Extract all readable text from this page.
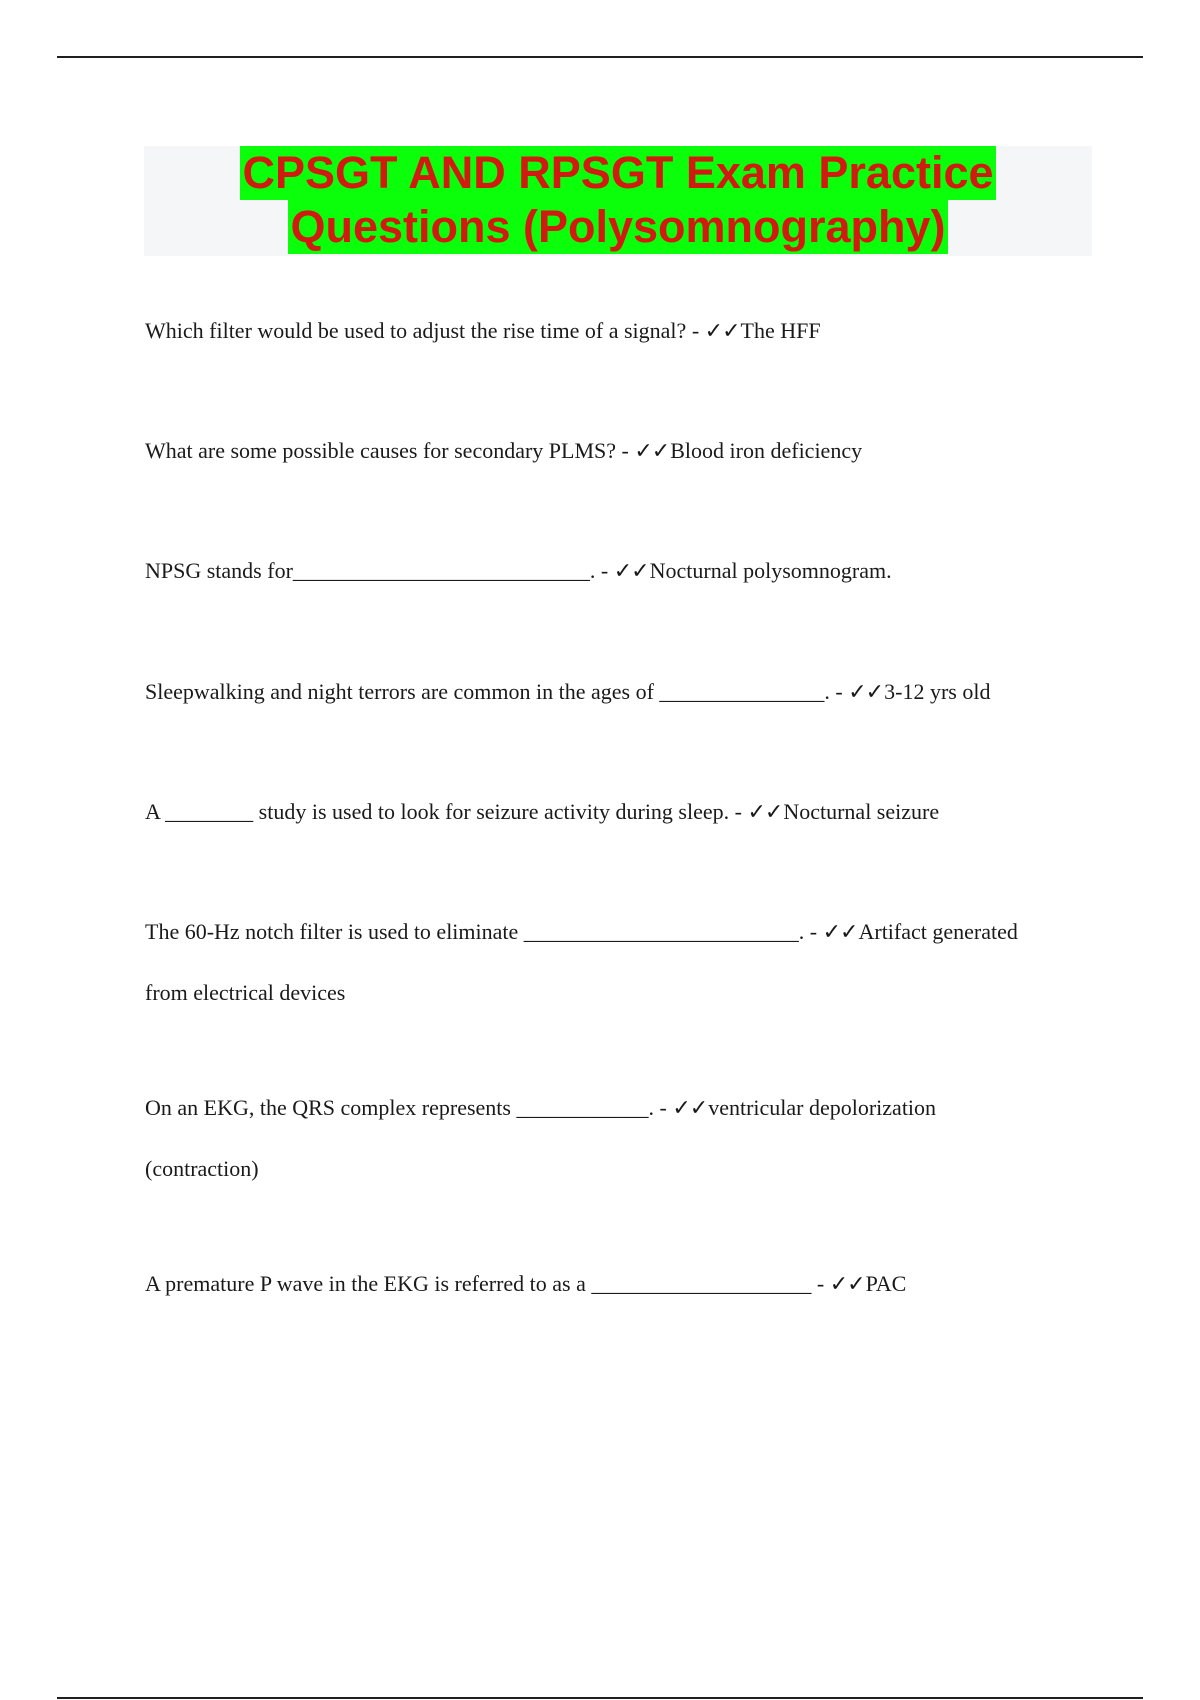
CPSGT AND RPSGT Exam Practice
Questions (Polysomnography)
Which filter would be used to adjust the rise time of a signal? - ✓✓The HFF
What are some possible causes for secondary PLMS? - ✓✓Blood iron deficiency
NPSG stands for___________________________. - ✓✓Nocturnal polysomnogram.
Sleepwalking and night terrors are common in the ages of _______________. - ✓✓3-12 yrs old
A ________ study is used to look for seizure activity during sleep. - ✓✓Nocturnal seizure
The 60-Hz notch filter is used to eliminate _________________________. - ✓✓Artifact generated
from electrical devices
On an EKG, the QRS complex represents ____________. - ✓✓ventricular depolorization
(contraction)
A premature P wave in the EKG is referred to as a ____________________ - ✓✓PAC
